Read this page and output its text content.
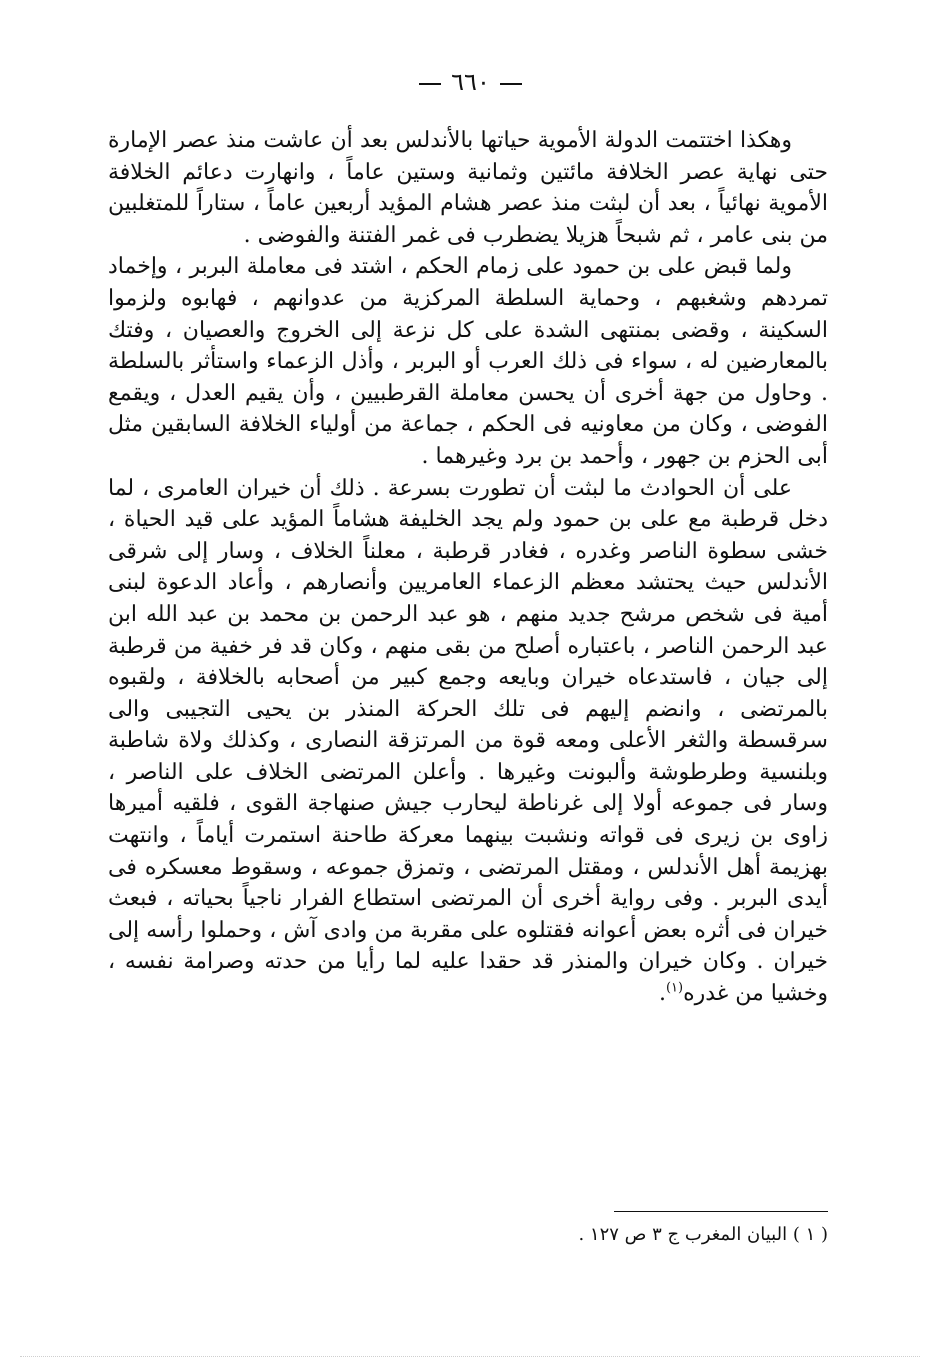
٦٦٠

وهكذا اختتمت الدولة الأموية حياتها بالأندلس بعد أن عاشت منذ عصر الإمارة حتى نهاية عصر الخلافة مائتين وثمانية وستين عاماً ، وانهارت دعائم الخلافة الأموية نهائياً ، بعد أن لبثت منذ عصر هشام المؤيد أربعين عاماً ، ستاراً للمتغلبين من بنى عامر ، ثم شبحاً هزيلا يضطرب فى غمر الفتنة والفوضى .

ولما قبض على بن حمود على زمام الحكم ، اشتد فى معاملة البربر ، وإخماد تمردهم وشغبهم ، وحماية السلطة المركزية من عدوانهم ، فهابوه ولزموا السكينة ، وقضى بمنتهى الشدة على كل نزعة إلى الخروج والعصيان ، وفتك بالمعارضين له ، سواء فى ذلك العرب أو البربر ، وأذل الزعماء واستأثر بالسلطة . وحاول من جهة أخرى أن يحسن معاملة القرطبيين ، وأن يقيم العدل ، ويقمع الفوضى ، وكان من معاونيه فى الحكم ، جماعة من أولياء الخلافة السابقين مثل أبى الحزم بن جهور ، وأحمد بن برد وغيرهما .

على أن الحوادث ما لبثت أن تطورت بسرعة . ذلك أن خيران العامرى ، لما دخل قرطبة مع على بن حمود ولم يجد الخليفة هشاماً المؤيد على قيد الحياة ، خشى سطوة الناصر وغدره ، فغادر قرطبة ، معلناً الخلاف ، وسار إلى شرقى الأندلس حيث يحتشد معظم الزعماء العامريين وأنصارهم ، وأعاد الدعوة لبنى أمية فى شخص مرشح جديد منهم ، هو عبد الرحمن بن محمد بن عبد الله ابن عبد الرحمن الناصر ، باعتباره أصلح من بقى منهم ، وكان قد فر خفية من قرطبة إلى جيان ، فاستدعاه خيران وبايعه وجمع كبير من أصحابه بالخلافة ، ولقبوه بالمرتضى ، وانضم إليهم فى تلك الحركة المنذر بن يحيى التجيبى والى سرقسطة والثغر الأعلى ومعه قوة من المرتزقة النصارى ، وكذلك ولاة شاطبة وبلنسية وطرطوشة وألبونت وغيرها . وأعلن المرتضى الخلاف على الناصر ، وسار فى جموعه أولا إلى غرناطة ليحارب جيش صنهاجة القوى ، فلقيه أميرها زاوى بن زيرى فى قواته ونشبت بينهما معركة طاحنة استمرت أياماً ، وانتهت بهزيمة أهل الأندلس ، ومقتل المرتضى ، وتمزق جموعه ، وسقوط معسكره فى أيدى البربر . وفى رواية أخرى أن المرتضى استطاع الفرار ناجياً بحياته ، فبعث خيران فى أثره بعض أعوانه فقتلوه على مقربة من وادى آش ، وحملوا رأسه إلى خيران . وكان خيران والمنذر قد حقدا عليه لما رأيا من حدته وصرامة نفسه ، وخشيا من غدره$^{(١)}$.

( ١ ) البيان المغرب ج ٣ ص ١٢٧ .
